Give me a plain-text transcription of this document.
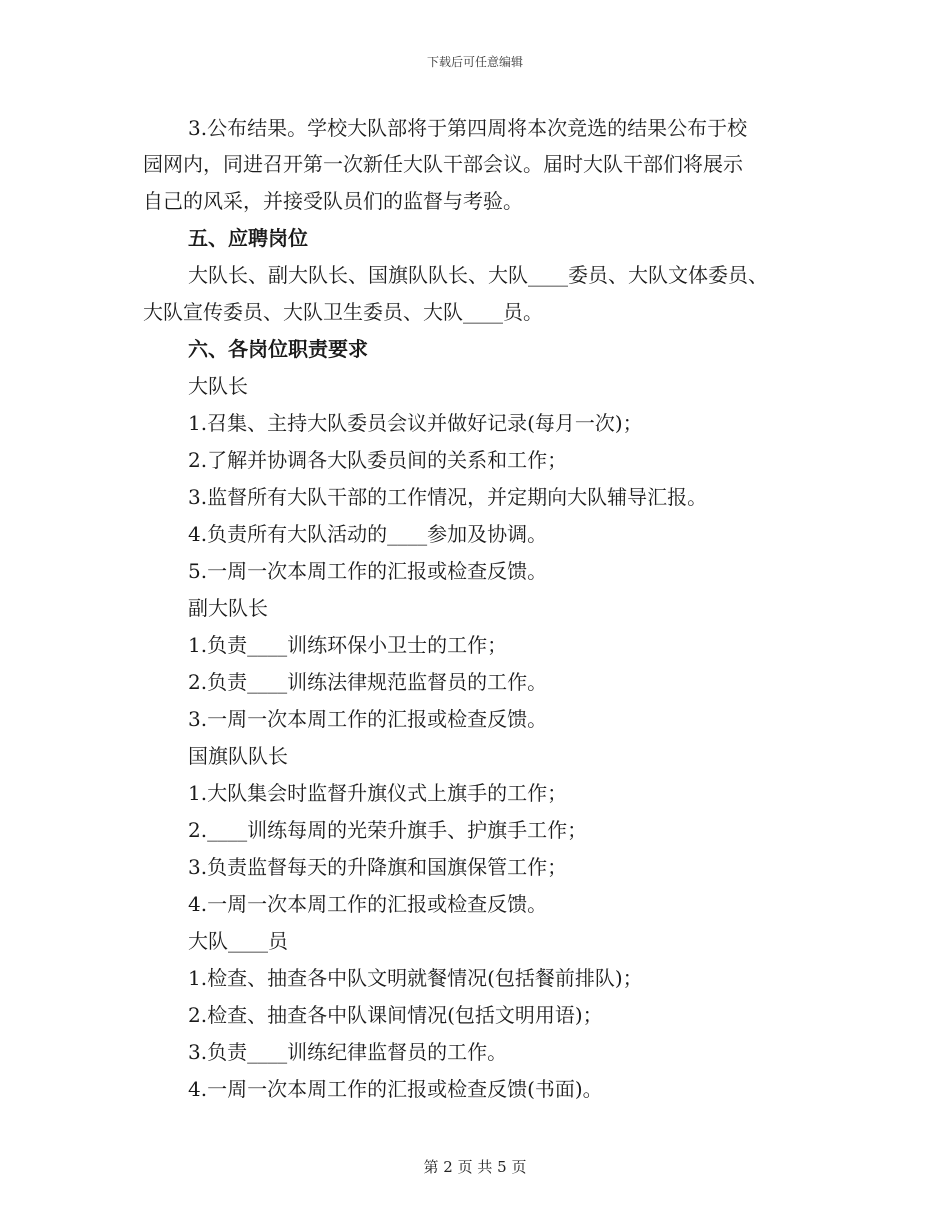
下载后可任意编辑
3.公布结果。学校大队部将于第四周将本次竞选的结果公布于校
园网内，同进召开第一次新任大队干部会议。届时大队干部们将展示
自己的风采，并接受队员们的监督与考验。
五、应聘岗位
大队长、副大队长、国旗队队长、大队____委员、大队文体委员、
大队宣传委员、大队卫生委员、大队____员。
六、各岗位职责要求
大队长
1.召集、主持大队委员会议并做好记录(每月一次)；
2.了解并协调各大队委员间的关系和工作；
3.监督所有大队干部的工作情况，并定期向大队辅导汇报。
4.负责所有大队活动的____参加及协调。
5.一周一次本周工作的汇报或检查反馈。
副大队长
1.负责____训练环保小卫士的工作；
2.负责____训练法律规范监督员的工作。
3.一周一次本周工作的汇报或检查反馈。
国旗队队长
1.大队集会时监督升旗仪式上旗手的工作；
2.____训练每周的光荣升旗手、护旗手工作；
3.负责监督每天的升降旗和国旗保管工作；
4.一周一次本周工作的汇报或检查反馈。
大队____员
1.检查、抽查各中队文明就餐情况(包括餐前排队)；
2.检查、抽查各中队课间情况(包括文明用语)；
3.负责____训练纪律监督员的工作。
4.一周一次本周工作的汇报或检查反馈(书面)。
第 2 页 共 5 页
